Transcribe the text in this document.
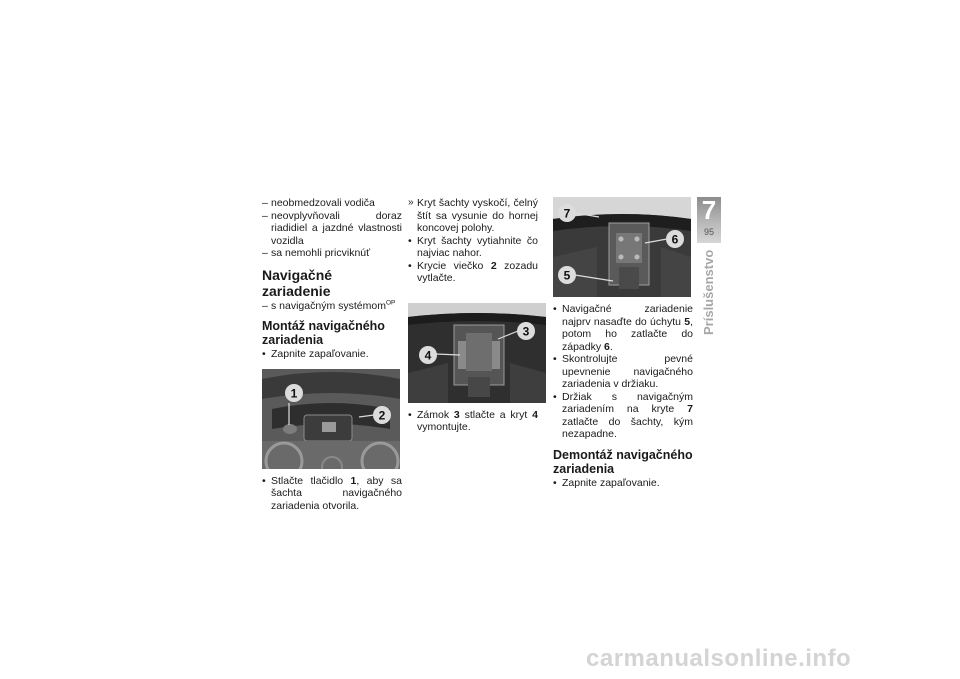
– neobmedzovali vodiča
– neovplyvňovali doraz riadidiel a jazdné vlastnosti vozidla
– sa nemohli pricviknúť
Navigačné zariadenie
– s navigačným systémom$^{OP}$
Montáž navigačného zariadenia
• Zapnite zapaľovanie.
1
2
• Stlačte tlačidlo 1, aby sa šachta navigačného zariadenia otvorila.
» Kryt šachty vyskočí, čelný štít sa vysunie do hornej koncovej polohy.
• Kryt šachty vytiahnite čo najviac nahor.
• Krycie viečko 2 zozadu vytlačte.
4
3
• Zámok 3 stlačte a kryt 4 vymontujte.
7
6
5
• Navigačné zariadenie najprv nasaďte do úchytu 5, potom ho zatlačte do západky 6.
• Skontrolujte pevné upevnenie navigačného zariadenia v držiaku.
• Držiak s navigačným zariadením na kryte 7 zatlačte do šachty, kým nezapadne.
Demontáž navigačného zariadenia
• Zapnite zapaľovanie.
7
95
Príslušenstvo
carmanualsonline.info
